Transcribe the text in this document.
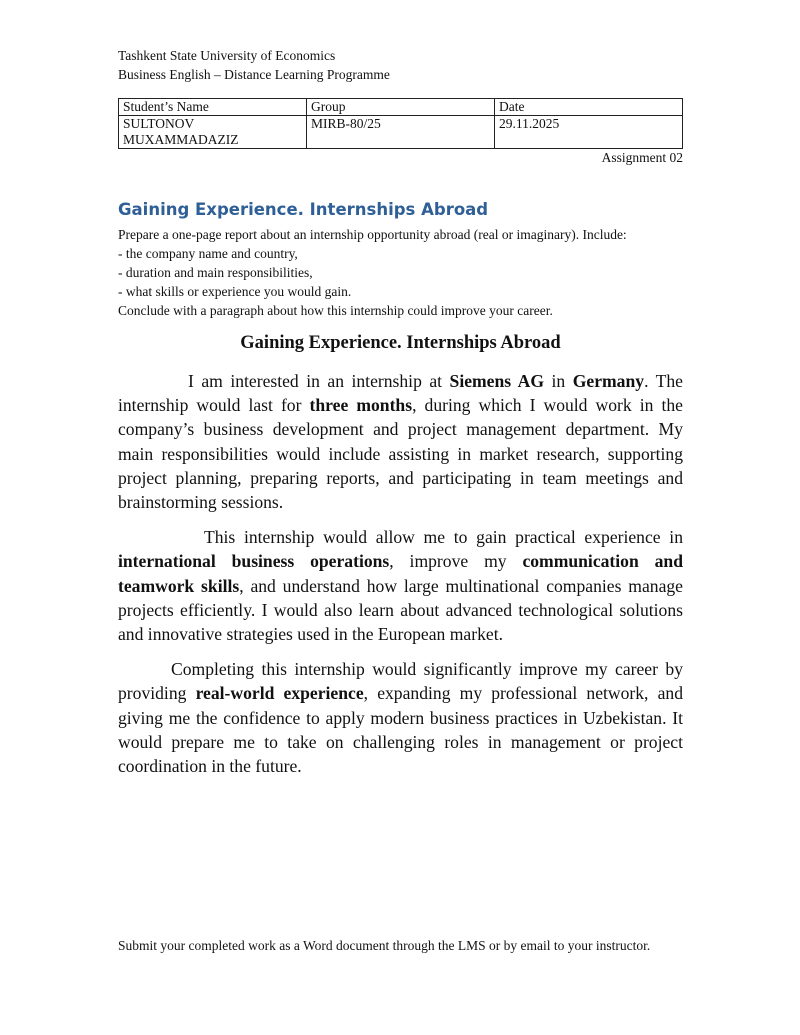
Tashkent State University of Economics
Business English – Distance Learning Programme
Student’s Name	Group	Date
SULTONOV MUXAMMADAZIZ	MIRB-80/25	29.11.2025
Assignment 02
Gaining Experience. Internships Abroad
Prepare a one-page report about an internship opportunity abroad (real or imaginary). Include:
- the company name and country,
- duration and main responsibilities,
- what skills or experience you would gain.
Conclude with a paragraph about how this internship could improve your career.
Gaining Experience. Internships Abroad

I am interested in an internship at Siemens AG in Germany. The internship would last for three months, during which I would work in the company’s business development and project management department. My main responsibilities would include assisting in market research, supporting project planning, preparing reports, and participating in team meetings and brainstorming sessions.

This internship would allow me to gain practical experience in international business operations, improve my communication and teamwork skills, and understand how large multinational companies manage projects efficiently. I would also learn about advanced technological solutions and innovative strategies used in the European market.

Completing this internship would significantly improve my career by providing real-world experience, expanding my professional network, and giving me the confidence to apply modern business practices in Uzbekistan. It would prepare me to take on challenging roles in management or project coordination in the future.

Submit your completed work as a Word document through the LMS or by email to your instructor.
